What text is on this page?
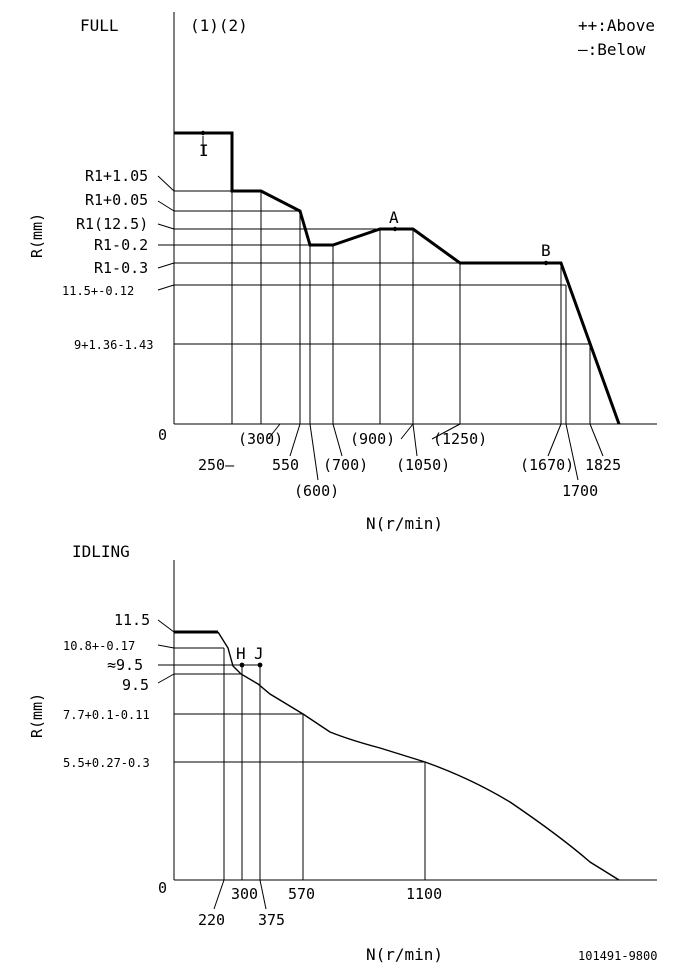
FULL	(1)(2)	++:Above
—:Below
I
A
B
R1+1.05
R1+0.05
R1(12.5)
R1-0.2
R1-0.3
11.5+-0.12
9+1.36-1.43
0
R(mm)
250—
(300)
550
(600)
(700)
(900)
(1050)
(1250)
(1670)
1700
1825
N(r/min)
IDLING
H J
11.5
10.8+-0.17
≈9.5
9.5
7.7+0.1-0.11
5.5+0.27-0.3
0
R(mm)
220
300
375
570	1100
N(r/min)	101491-9800
